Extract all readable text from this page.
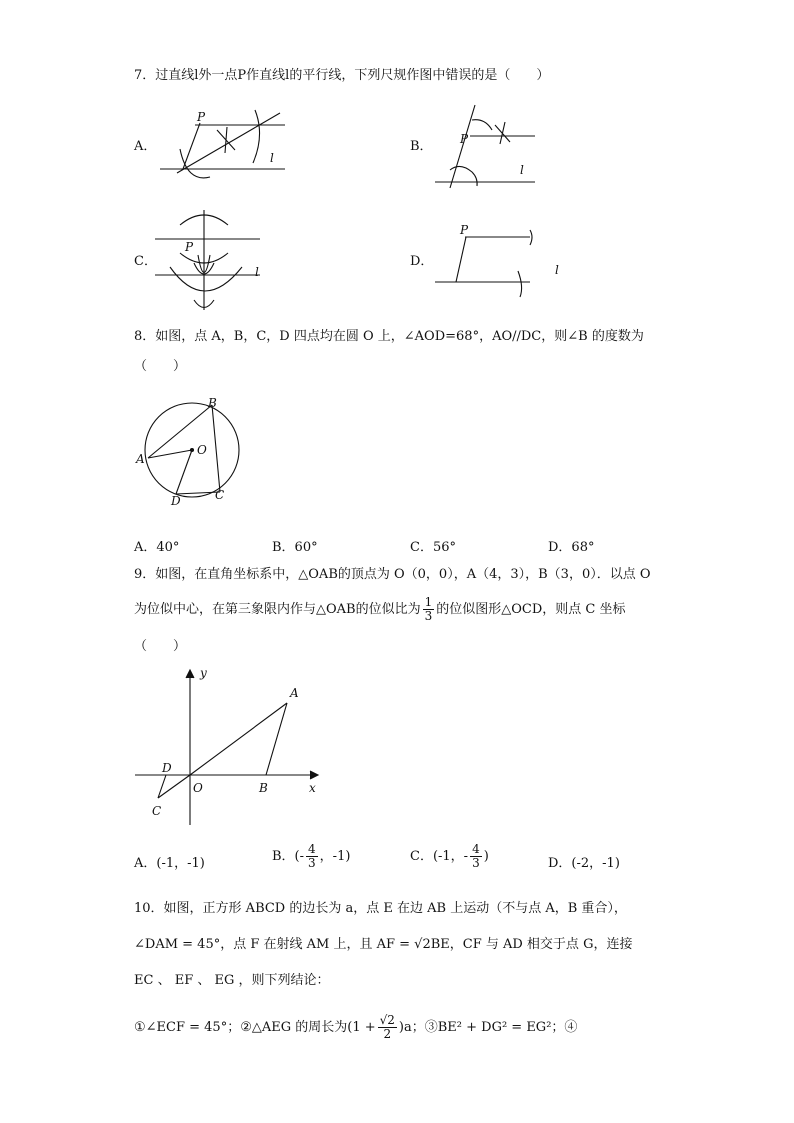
7．过直线l外一点P作直线l的平行线，下列尺规作图中错误的是（　　）
A．
P
l
B． P
l
C．
P
l
D．
P
l
8．如图，点 A，B，C，D 四点均在圆 O 上，∠AOD=68°，AO//DC，则∠B 的度数为
（　　）
B
A
O
D	C
A．40°	B．60°	C．56°	D．68°
9．如图，在直角坐标系中，△OAB的顶点为 O（0，0），A（4，3），B（3，0）．以点 O
为位似中心，在第三象限内作与△OAB的位似比为 $\frac{1}{3}$ 的位似图形△OCD，则点 C 坐标
（　　）
y
A
D
O	B	x
C
A．(-1，-1)	B．(- $\frac{4}{3}$ ，-1)	C．(-1，- $\frac{4}{3}$ )	D．(-2，-1)
10．如图，正方形 ABCD 的边长为 a，点 E 在边 AB 上运动（不与点 A，B 重合），
∠DAM = 45°，点 F 在射线 AM 上，且 AF = √2BE，CF 与 AD 相交于点 G，连接
EC 、 EF 、 EG ，则下列结论：
①∠ECF = 45°；②△AEG 的周长为$(1 + \frac{√2}{2} )a$；③BE² + DG² = EG²；④
